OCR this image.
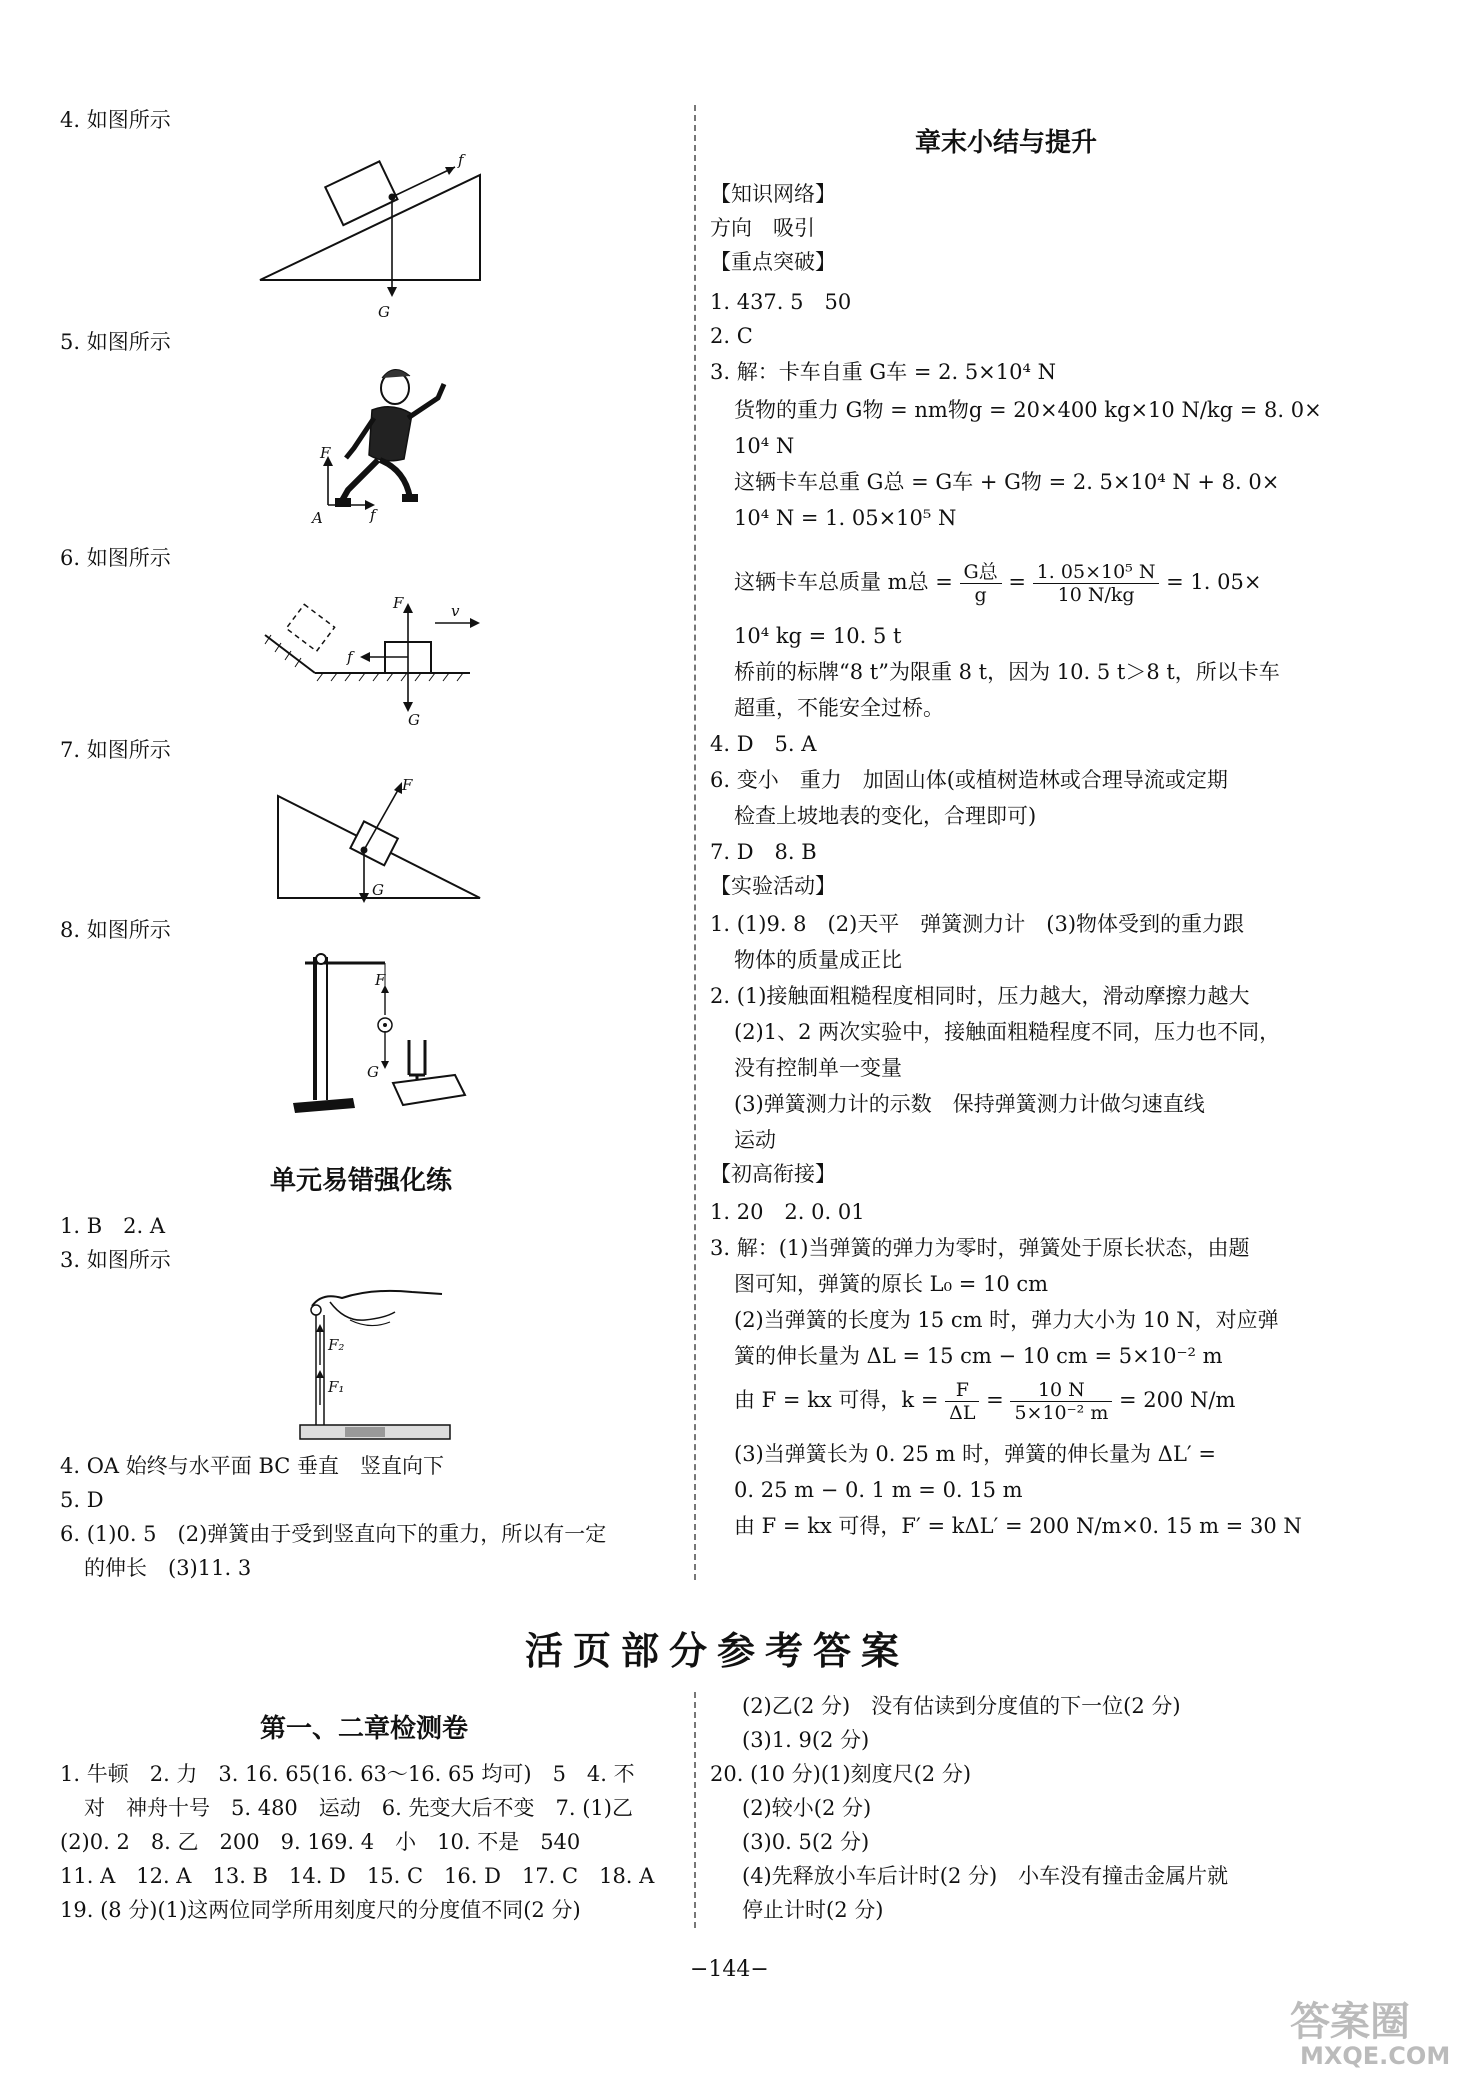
4. 如图所示
f
G
5. 如图所示
F
f
A
6. 如图所示
F	v
f
G
7. 如图所示
F
G
8. 如图所示
F
G
单元易错强化练
1. B　2. A
3. 如图所示
F₂
F₁
4. OA 始终与水平面 BC 垂直　竖直向下
5. D
6. (1)0. 5　(2)弹簧由于受到竖直向下的重力，所以有一定
的伸长　(3)11. 3
章末小结与提升
【知识网络】
方向　吸引
【重点突破】
1. 437. 5　50
2. C
3. 解：卡车自重 G车 = 2. 5×10⁴ N
货物的重力 G物 = nm物g = 20×400 kg×10 N/kg = 8. 0×
10⁴ N
这辆卡车总重 G总 = G车 + G物 = 2. 5×10⁴ N + 8. 0×
10⁴ N = 1. 05×10⁵ N
这辆卡车总质量 m总 = $\frac{\text{G总}}{g} = \frac{\text{1. 05×10⁵ N}}{10 N/kg} = 1$. 05×
10⁴ kg = 10. 5 t
桥前的标牌“8 t”为限重 8 t，因为 10. 5 t＞8 t，所以卡车
超重，不能安全过桥。
4. D　5. A
6. 变小　重力　加固山体(或植树造林或合理导流或定期
检查上坡地表的变化，合理即可)
7. D　8. B
【实验活动】
1. (1)9. 8　(2)天平　弹簧测力计　(3)物体受到的重力跟
物体的质量成正比
2. (1)接触面粗糙程度相同时，压力越大，滑动摩擦力越大
(2)1、2 两次实验中，接触面粗糙程度不同，压力也不同，
没有控制单一变量
(3)弹簧测力计的示数　保持弹簧测力计做匀速直线
运动
【初高衔接】
1. 20　2. 0. 01
3. 解：(1)当弹簧的弹力为零时，弹簧处于原长状态，由题
图可知，弹簧的原长 L₀ = 10 cm
(2)当弹簧的长度为 15 cm 时，弹力大小为 10 N，对应弹
簧的伸长量为 ΔL = 15 cm − 10 cm = 5×10⁻² m
由 F = kx 可得，$k = \frac{F}{\Delta L} = \frac{10 N}{\text{5×10⁻² m}} = 200$ N/m
(3)当弹簧长为 0. 25 m 时，弹簧的伸长量为 ΔL′ =
0. 25 m − 0. 1 m = 0. 15 m
由 F = kx 可得，F′ = kΔL′ = 200 N/m×0. 15 m = 30 N
活页部分参考答案
第一、二章检测卷
1. 牛顿　2. 力　3. 16. 65(16. 63～16. 65 均可)　5　4. 不
对　神舟十号　5. 480　运动　6. 先变大后不变　7. (1)乙
(2)0. 2　8. 乙　200　9. 169. 4　小　10. 不是　540
11. A　12. A　13. B　14. D　15. C　16. D　17. C　18. A
19. (8 分)(1)这两位同学所用刻度尺的分度值不同(2 分)
(2)乙(2 分)　没有估读到分度值的下一位(2 分)
(3)1. 9(2 分)
20. (10 分)(1)刻度尺(2 分)
(2)较小(2 分)
(3)0. 5(2 分)
(4)先释放小车后计时(2 分)　小车没有撞击金属片就
停止计时(2 分)
−144−
答案圈
MXQE.COM
